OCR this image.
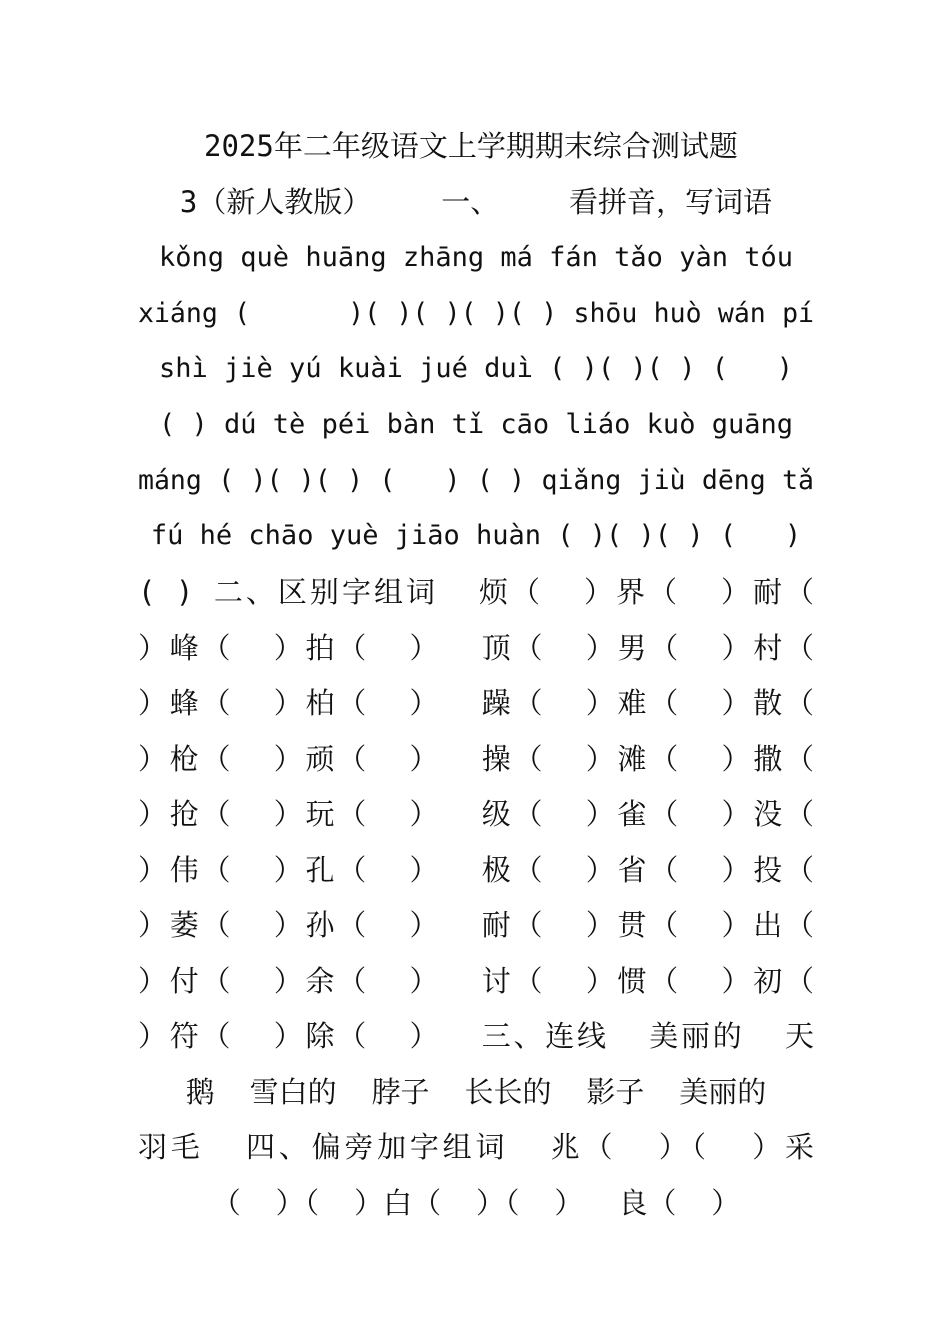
2025年二年级语文上学期期末综合测试题
3（新人教版）    一、    看拼音，写词语
kǒng què huāng zhāng má fán tǎo yàn tóu
xiáng (      )( )( )( )( ) shōu huò wán pí
shì jiè yú kuài jué duì ( )( )( ) (   )
( ) dú tè péi bàn tǐ cāo liáo kuò guāng
máng ( )( )( ) (   ) ( ) qiǎng jiù dēng tǎ
fú hé chāo yuè jiāo huàn ( )( )( ) (   )
( ) 二、区别字组词  烦（  ）界（  ）耐（
）峰（  ）拍（  ）  顶（  ）男（  ）村（
）蜂（  ）柏（  ）  躁（  ）难（  ）散（
）枪（  ）顽（  ）  操（  ）滩（  ）撒（
）抢（  ）玩（  ）  级（  ）雀（  ）没（
）伟（  ）孔（  ）  极（  ）省（  ）投（
）萎（  ）孙（  ）  耐（  ）贯（  ）出（
）付（  ）余（  ）  讨（  ）惯（  ）初（
）符（  ）除（  ）  三、连线  美丽的  天
鹅  雪白的  脖子  长长的  影子  美丽的
羽毛  四、偏旁加字组词  兆（  ）（  ）采
（  ）（  ）白（  ）（  ）  良（  ）
